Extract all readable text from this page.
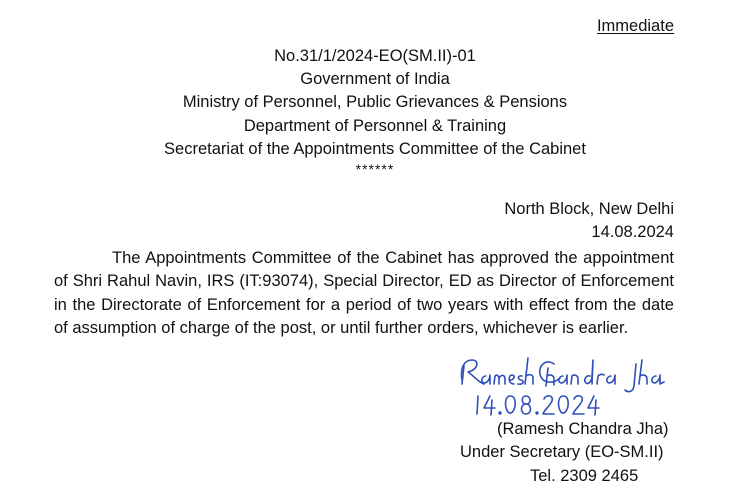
Immediate
No.31/1/2024-EO(SM.II)-01
Government of India
Ministry of Personnel, Public Grievances & Pensions
Department of Personnel & Training
Secretariat of the Appointments Committee of the Cabinet
******
North Block, New Delhi
14.08.2024
The Appointments Committee of the Cabinet has approved the appointment of Shri Rahul Navin, IRS (IT:93074), Special Director, ED as Director of Enforcement in the Directorate of Enforcement for a period of two years with effect from the date of assumption of charge of the post, or until further orders, whichever is earlier.
(Ramesh Chandra Jha)
Under Secretary (EO-SM.II)
Tel. 2309 2465
